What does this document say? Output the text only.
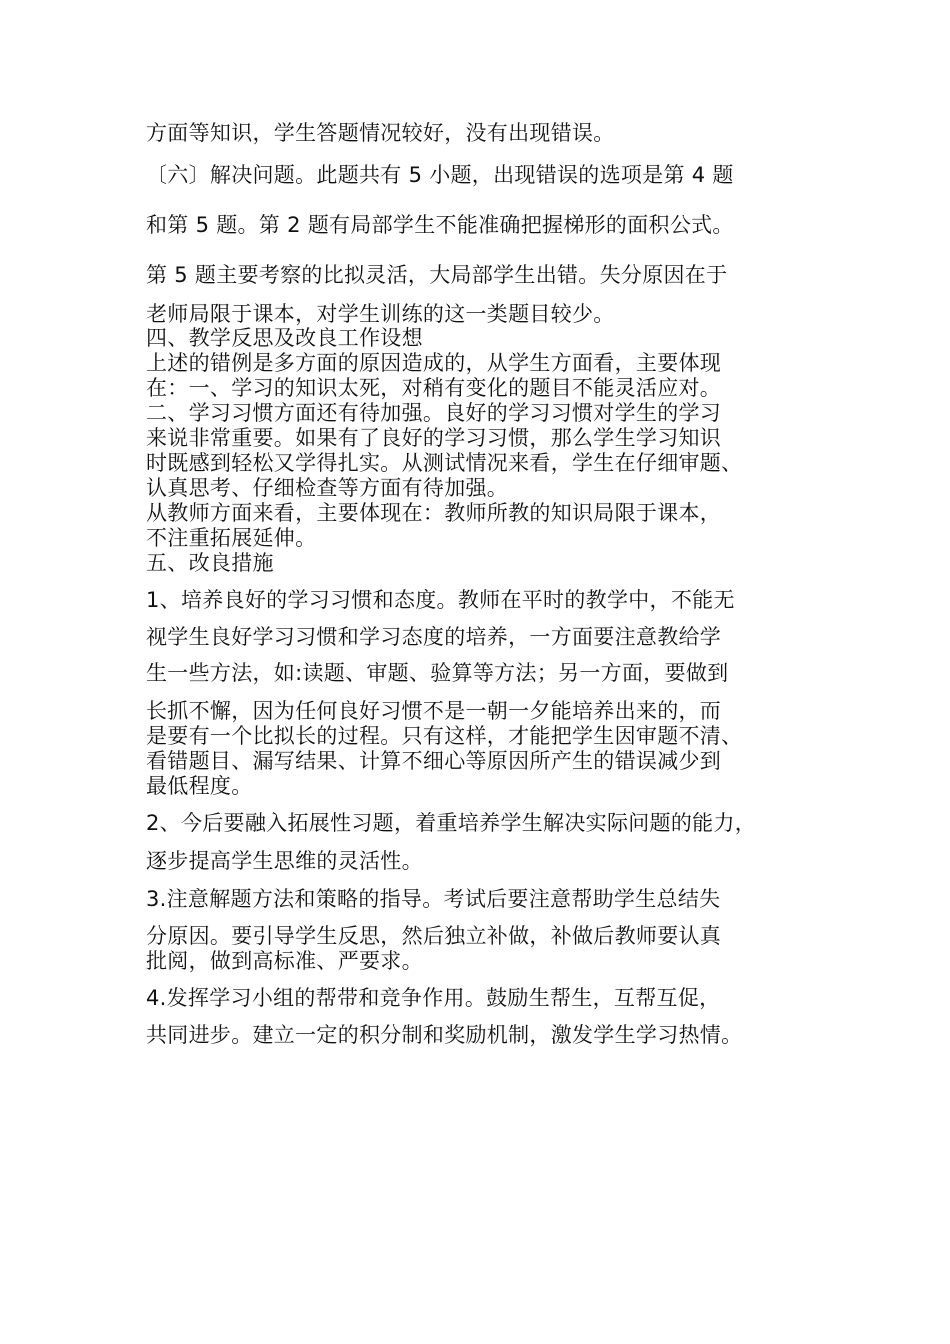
方面等知识，学生答题情况较好，没有出现错误。

〔六〕解决问题。此题共有 5 小题，出现错误的选项是第 4 题

和第 5 题。第 2 题有局部学生不能准确把握梯形的面积公式。

第 5 题主要考察的比拟灵活，大局部学生出错。失分原因在于

老师局限于课本，对学生训练的这一类题目较少。

四、教学反思及改良工作设想

上述的错例是多方面的原因造成的，从学生方面看，主要体现

在：一、学习的知识太死，对稍有变化的题目不能灵活应对。

二、学习习惯方面还有待加强。良好的学习习惯对学生的学习

来说非常重要。如果有了良好的学习习惯，那么学生学习知识

时既感到轻松又学得扎实。从测试情况来看，学生在仔细审题、

认真思考、仔细检查等方面有待加强。

从教师方面来看，主要体现在：教师所教的知识局限于课本，

不注重拓展延伸。

五、改良措施

1、培养良好的学习习惯和态度。教师在平时的教学中，不能无

视学生良好学习习惯和学习态度的培养，一方面要注意教给学

生一些方法，如:读题、审题、验算等方法；另一方面，要做到

长抓不懈，因为任何良好习惯不是一朝一夕能培养出来的，而

是要有一个比拟长的过程。只有这样，才能把学生因审题不清、

看错题目、漏写结果、计算不细心等原因所产生的错误减少到

最低程度。

2、今后要融入拓展性习题，着重培养学生解决实际问题的能力，

逐步提高学生思维的灵活性。

3.注意解题方法和策略的指导。考试后要注意帮助学生总结失

分原因。要引导学生反思，然后独立补做，补做后教师要认真

批阅，做到高标准、严要求。

4.发挥学习小组的帮带和竞争作用。鼓励生帮生，互帮互促，

共同进步。建立一定的积分制和奖励机制，激发学生学习热情。
